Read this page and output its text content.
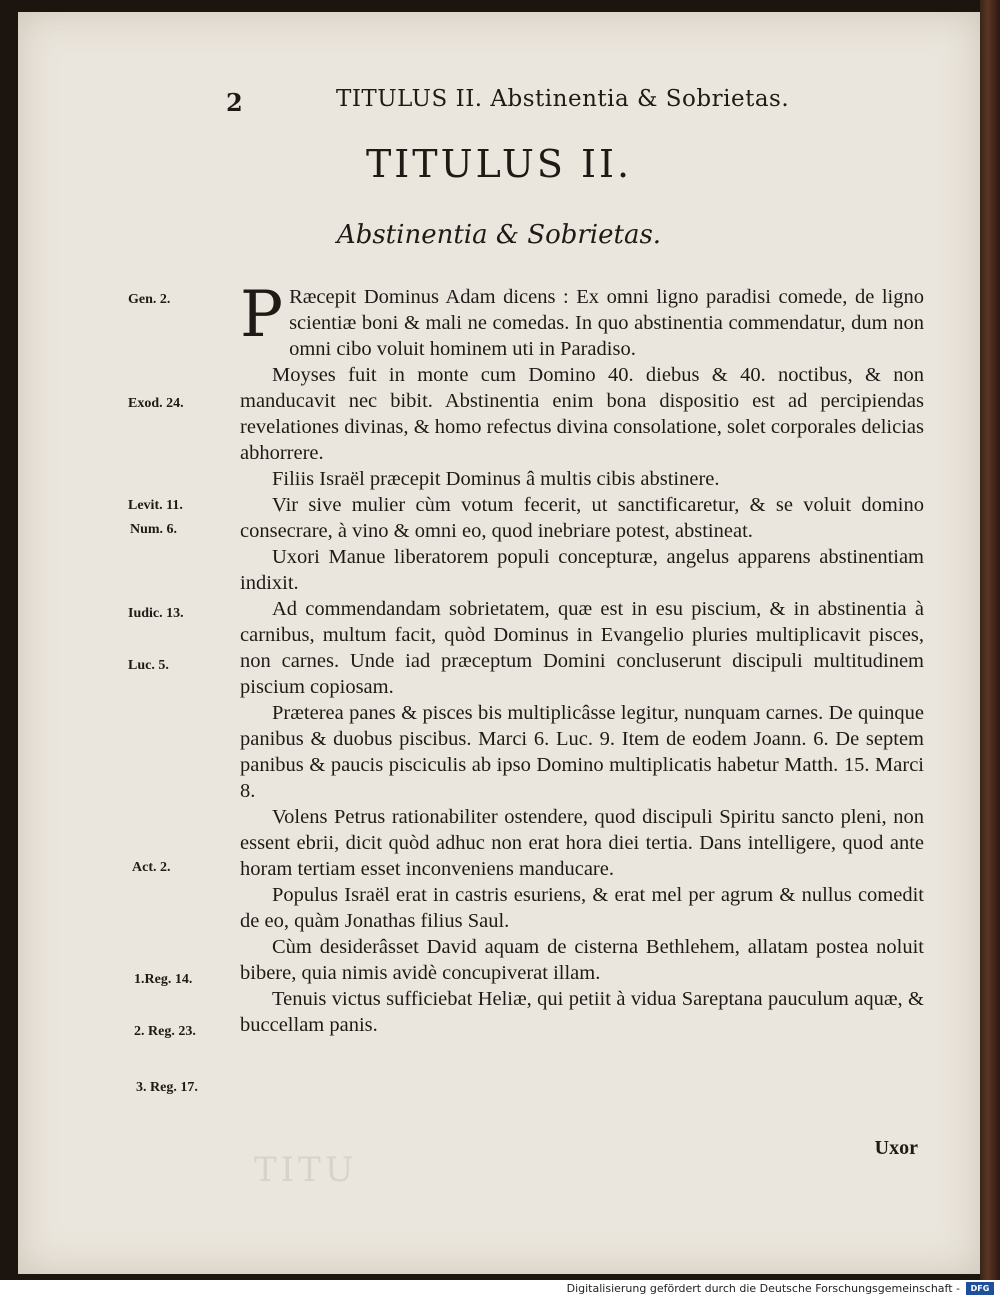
2	TITULUS II. Abstinentia & Sobrietas.
TITULUS II.
Abstinentia & Sobrietas.
Gen. 2.
Exod. 24.
Levit. 11.
Num. 6.
Iudic. 13.
Luc. 5.
Act. 2.
1.Reg. 14.
2. Reg. 23.
3. Reg. 17.

P Ræcepit Dominus Adam dicens : Ex omni ligno paradisi comede, de ligno scientiæ boni & mali ne comedas. In quo abstinentia commendatur, dum non omni cibo voluit hominem uti in Paradiso.

Moyses fuit in monte cum Domino 40. diebus & 40. noctibus, & non manducavit nec bibit. Abstinentia enim bona dispositio est ad percipiendas revelationes divinas, & homo refectus divina consolatione, solet corporales delicias abhorrere.

Filiis Israël præcepit Dominus â multis cibis abstinere.

Vir sive mulier cùm votum fecerit, ut sanctificaretur, & se voluit domino consecrare, à vino & omni eo, quod inebriare potest, abstineat.

Uxori Manue liberatorem populi concepturæ, angelus apparens abstinentiam indixit.

Ad commendandam sobrietatem, quæ est in esu piscium, & in abstinentia à carnibus, multum facit, quòd Dominus in Evangelio pluries multiplicavit pisces, non carnes. Unde iad præceptum Domini concluserunt discipuli multitudinem piscium copiosam.

Præterea panes & pisces bis multiplicâsse legitur, nunquam carnes. De quinque panibus & duobus piscibus. Marci 6. Luc. 9. Item de eodem Joann. 6. De septem panibus & paucis pisciculis ab ipso Domino multiplicatis habetur Matth. 15. Marci 8.

Volens Petrus rationabiliter ostendere, quod discipuli Spiritu sancto pleni, non essent ebrii, dicit quòd adhuc non erat hora diei tertia. Dans intelligere, quod ante horam tertiam esset inconveniens manducare.

Populus Israël erat in castris esuriens, & erat mel per agrum & nullus comedit de eo, quàm Jonathas filius Saul.

Cùm desiderâsset David aquam de cisterna Bethlehem, allatam postea noluit bibere, quia nimis avidè concupiverat illam.

Tenuis victus sufficiebat Heliæ, qui petiit à vidua Sareptana pauculum aquæ, & buccellam panis.

Uxor
TITU
Digitalisierung gefördert durch die Deutsche Forschungsgemeinschaft -	DFG
